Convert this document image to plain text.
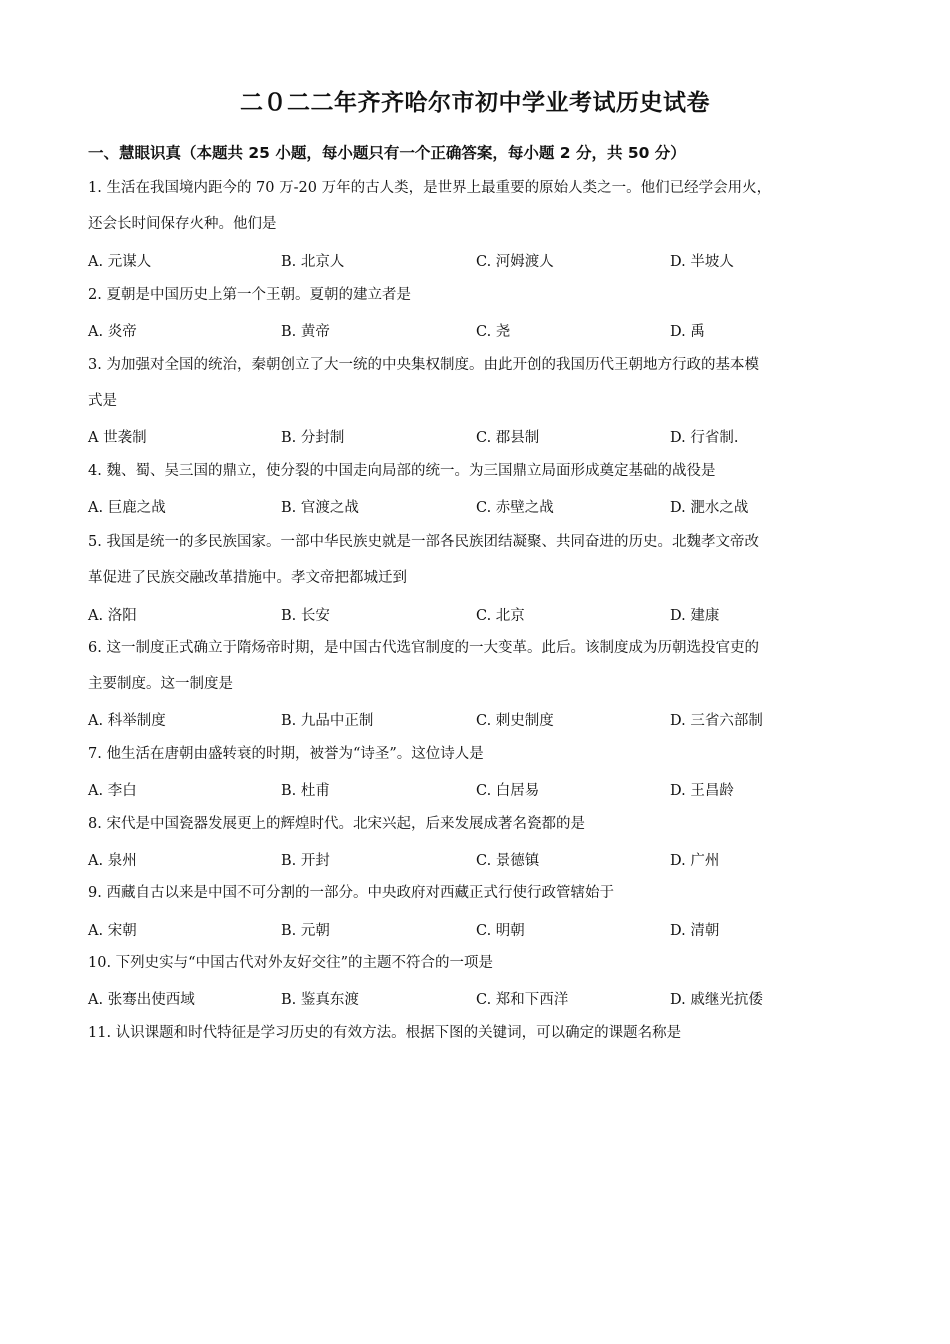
二０二二年齐齐哈尔市初中学业考试历史试卷
一、慧眼识真（本题共 25 小题，每小题只有一个正确答案，每小题 2 分，共 50 分）
1. 生活在我国境内距今的 70 万-20 万年的古人类，是世界上最重要的原始人类之一。他们已经学会用火，
还会长时间保存火种。他们是
A. 元谋人	B. 北京人	C. 河姆渡人	D. 半坡人
2. 夏朝是中国历史上第一个王朝。夏朝的建立者是
A. 炎帝	B. 黄帝	C. 尧	D. 禹
3. 为加强对全国的统治，秦朝创立了大一统的中央集权制度。由此开创的我国历代王朝地方行政的基本模
式是
A 世袭制	B. 分封制	C. 郡县制	D. 行省制.
4. 魏、蜀、吴三国的鼎立，使分裂的中国走向局部的统一。为三国鼎立局面形成奠定基础的战役是
A. 巨鹿之战	B. 官渡之战	C. 赤壁之战	D. 淝水之战
5. 我国是统一的多民族国家。一部中华民族史就是一部各民族团结凝聚、共同奋进的历史。北魏孝文帝改
革促进了民族交融改革措施中。孝文帝把都城迁到
A. 洛阳	B. 长安	C. 北京	D. 建康
6. 这一制度正式确立于隋炀帝时期，是中国古代选官制度的一大变革。此后。该制度成为历朝选投官吏的
主要制度。这一制度是
A. 科举制度	B. 九品中正制	C. 刺史制度	D. 三省六部制
7. 他生活在唐朝由盛转衰的时期，被誉为“诗圣”。这位诗人是
A. 李白	B. 杜甫	C. 白居易	D. 王昌龄
8. 宋代是中国瓷器发展更上的辉煌时代。北宋兴起，后来发展成著名瓷都的是
A. 泉州	B. 开封	C. 景德镇	D. 广州
9. 西藏自古以来是中国不可分割的一部分。中央政府对西藏正式行使行政管辖始于
A. 宋朝	B. 元朝	C. 明朝	D. 清朝
10. 下列史实与“中国古代对外友好交往”的主题不符合的一项是
A. 张骞出使西域	B. 鉴真东渡	C. 郑和下西洋	D. 戚继光抗倭
11. 认识课题和时代特征是学习历史的有效方法。根据下图的关键词，可以确定的课题名称是
